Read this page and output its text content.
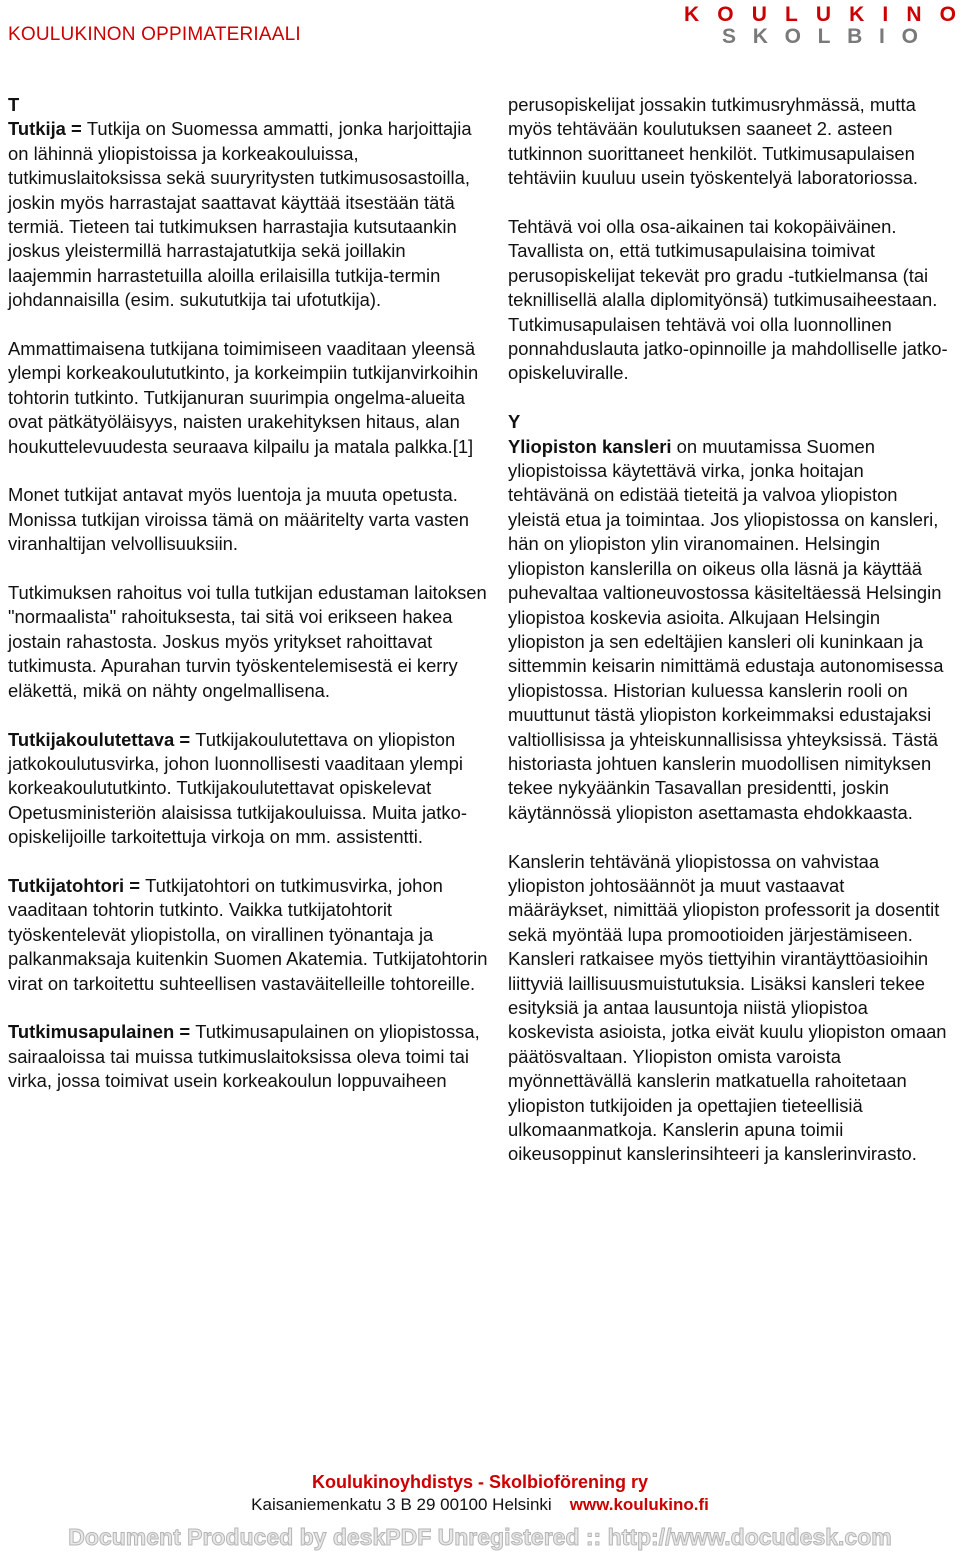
KOULUKINON OPPIMATERIAALI
K O U L U K I N O
S K O L B I O

T

Tutkija = Tutkija on Suomessa ammatti, jonka harjoittajia on lähinnä yliopistoissa ja korkeakouluissa, tutkimuslaitoksissa sekä suuryritysten tutkimusosastoilla, joskin myös harrastajat saattavat käyttää itsestään tätä termiä. Tieteen tai tutkimuksen harrastajia kutsutaankin joskus yleistermillä harrastajatutkija sekä joillakin laajemmin harrastetuilla aloilla erilaisilla tutkija-termin johdannaisilla (esim. sukututkija tai ufotutkija).

Ammattimaisena tutkijana toimimiseen vaaditaan yleensä ylempi korkeakoulututkinto, ja korkeimpiin tutkijanvirkoihin tohtorin tutkinto. Tutkijanuran suurimpia ongelma-alueita ovat pätkätyöläisyys, naisten urakehityksen hitaus, alan houkuttelevuudesta seuraava kilpailu ja matala palkka.[1]

Monet tutkijat antavat myös luentoja ja muuta opetusta. Monissa tutkijan viroissa tämä on määritelty varta vasten viranhaltijan velvollisuuksiin.

Tutkimuksen rahoitus voi tulla tutkijan edustaman laitoksen "normaalista" rahoituksesta, tai sitä voi erikseen hakea jostain rahastosta. Joskus myös yritykset rahoittavat tutkimusta. Apurahan turvin työskentelemisestä ei kerry eläkettä, mikä on nähty ongelmallisena.

Tutkijakoulutettava = Tutkijakoulutettava on yliopiston jatkokoulutusvirka, johon luonnollisesti vaaditaan ylempi korkeakoulututkinto. Tutkijakoulutettavat opiskelevat Opetusministeriön alaisissa tutkijakouluissa. Muita jatko-opiskelijoille tarkoitettuja virkoja on mm. assistentti.

Tutkijatohtori = Tutkijatohtori on tutkimusvirka, johon vaaditaan tohtorin tutkinto. Vaikka tutkijatohtorit työskentelevät yliopistolla, on virallinen työnantaja ja palkanmaksaja kuitenkin Suomen Akatemia. Tutkijatohtorin virat on tarkoitettu suhteellisen vastaväitelleille tohtoreille.

Tutkimusapulainen = Tutkimusapulainen on yliopistossa, sairaaloissa tai muissa tutkimuslaitoksissa oleva toimi tai virka, jossa toimivat usein korkeakoulun loppuvaiheen

perusopiskelijat jossakin tutkimusryhmässä, mutta myös tehtävään koulutuksen saaneet 2. asteen tutkinnon suorittaneet henkilöt. Tutkimusapulaisen tehtäviin kuuluu usein työskentelyä laboratoriossa.

Tehtävä voi olla osa-aikainen tai kokopäiväinen. Tavallista on, että tutkimusapulaisina toimivat perusopiskelijat tekevät pro gradu -tutkielmansa (tai teknillisellä alalla diplomityönsä) tutkimusaiheestaan. Tutkimusapulaisen tehtävä voi olla luonnollinen ponnahduslauta jatko-opinnoille ja mahdolliselle jatko-opiskeluviralle.

Y

Yliopiston kansleri on muutamissa Suomen yliopistoissa käytettävä virka, jonka hoitajan tehtävänä on edistää tieteitä ja valvoa yliopiston yleistä etua ja toimintaa. Jos yliopistossa on kansleri, hän on yliopiston ylin viranomainen. Helsingin yliopiston kanslerilla on oikeus olla läsnä ja käyttää puhevaltaa valtioneuvostossa käsiteltäessä Helsingin yliopistoa koskevia asioita. Alkujaan Helsingin yliopiston ja sen edeltäjien kansleri oli kuninkaan ja sittemmin keisarin nimittämä edustaja autonomisessa yliopistossa. Historian kuluessa kanslerin rooli on muuttunut tästä yliopiston korkeimmaksi edustajaksi valtiollisissa ja yhteiskunnallisissa yhteyksissä. Tästä historiasta johtuen kanslerin muodollisen nimityksen tekee nykyäänkin Tasavallan presidentti, joskin käytännössä yliopiston asettamasta ehdokkaasta.

Kanslerin tehtävänä yliopistossa on vahvistaa yliopiston johtosäännöt ja muut vastaavat määräykset, nimittää yliopiston professorit ja dosentit sekä myöntää lupa promootioiden järjestämiseen. Kansleri ratkaisee myös tiettyihin virantäyttöasioihin liittyviä laillisuusmuistutuksia. Lisäksi kansleri tekee esityksiä ja antaa lausuntoja niistä yliopistoa koskevista asioista, jotka eivät kuulu yliopiston omaan päätösvaltaan. Yliopiston omista varoista myönnettävällä kanslerin matkatuella rahoitetaan yliopiston tutkijoiden ja opettajien tieteellisiä ulkomaanmatkoja. Kanslerin apuna toimii oikeusoppinut kanslerinsihteeri ja kanslerinvirasto.

Koulukinoyhdistys - Skolbioförening ry
Kaisaniemenkatu 3 B 29 00100 Helsinki www.koulukino.fi
Document Produced by deskPDF Unregistered :: http://www.docudesk.com
